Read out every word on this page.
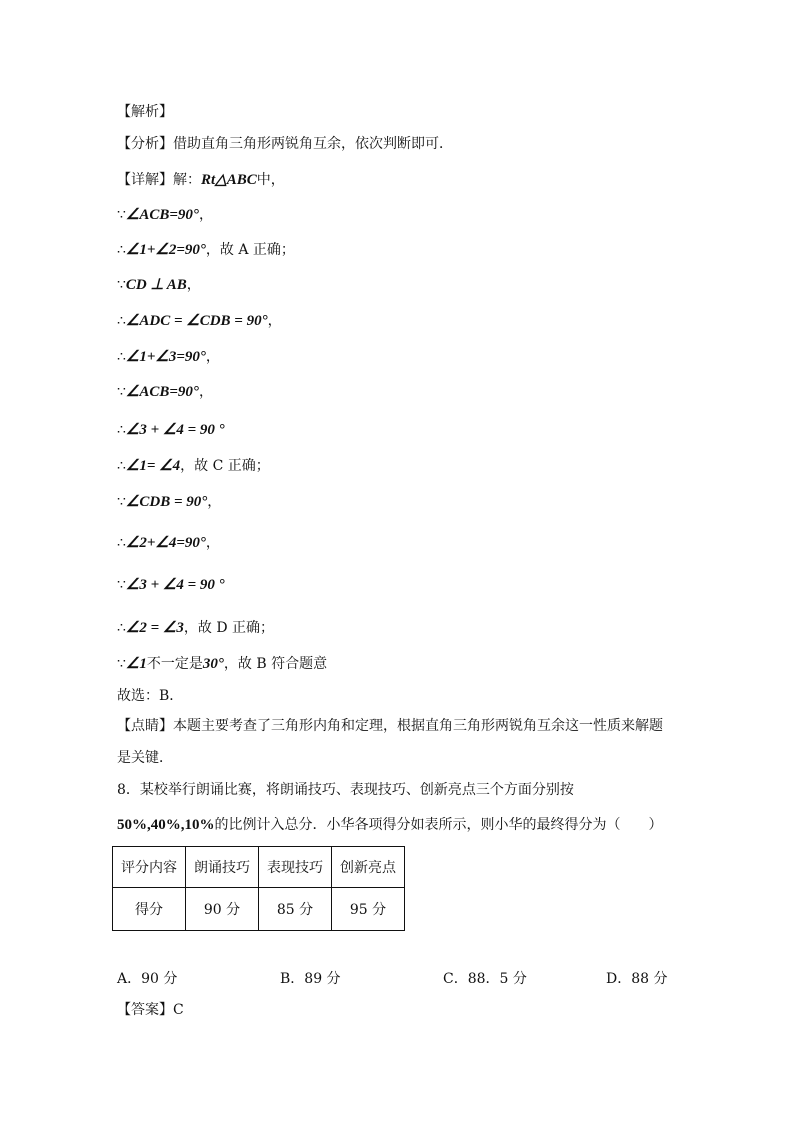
【解析】
【分析】借助直角三角形两锐角互余，依次判断即可．
【详解】解：Rt△ABC中，
∵∠ACB=90°，
∴∠1+∠2=90°，故 A 正确；
∵CD ⊥ AB，
∴∠ADC = ∠CDB = 90°，
∴∠1+∠3=90°，
∵∠ACB=90°，
∴∠3 + ∠4 = 90 °
∴∠1= ∠4，故 C 正确；
∵∠CDB = 90°，
∴∠2+∠4=90°，
∵∠3 + ∠4 = 90 °
∴∠2 = ∠3，故 D 正确；
∵∠1不一定是30°，故 B 符合题意
故选：B．
【点睛】本题主要考查了三角形内角和定理，根据直角三角形两锐角互余这一性质来解题
是关键．
8．某校举行朗诵比赛，将朗诵技巧、表现技巧、创新亮点三个方面分别按
50%,40%,10%的比例计入总分．小华各项得分如表所示，则小华的最终得分为（　　）
评分内容	朗诵技巧	表现技巧	创新亮点
得分	90 分	85 分	95 分
A．90 分	B．89 分	C．88．5 分	D．88 分
【答案】C
